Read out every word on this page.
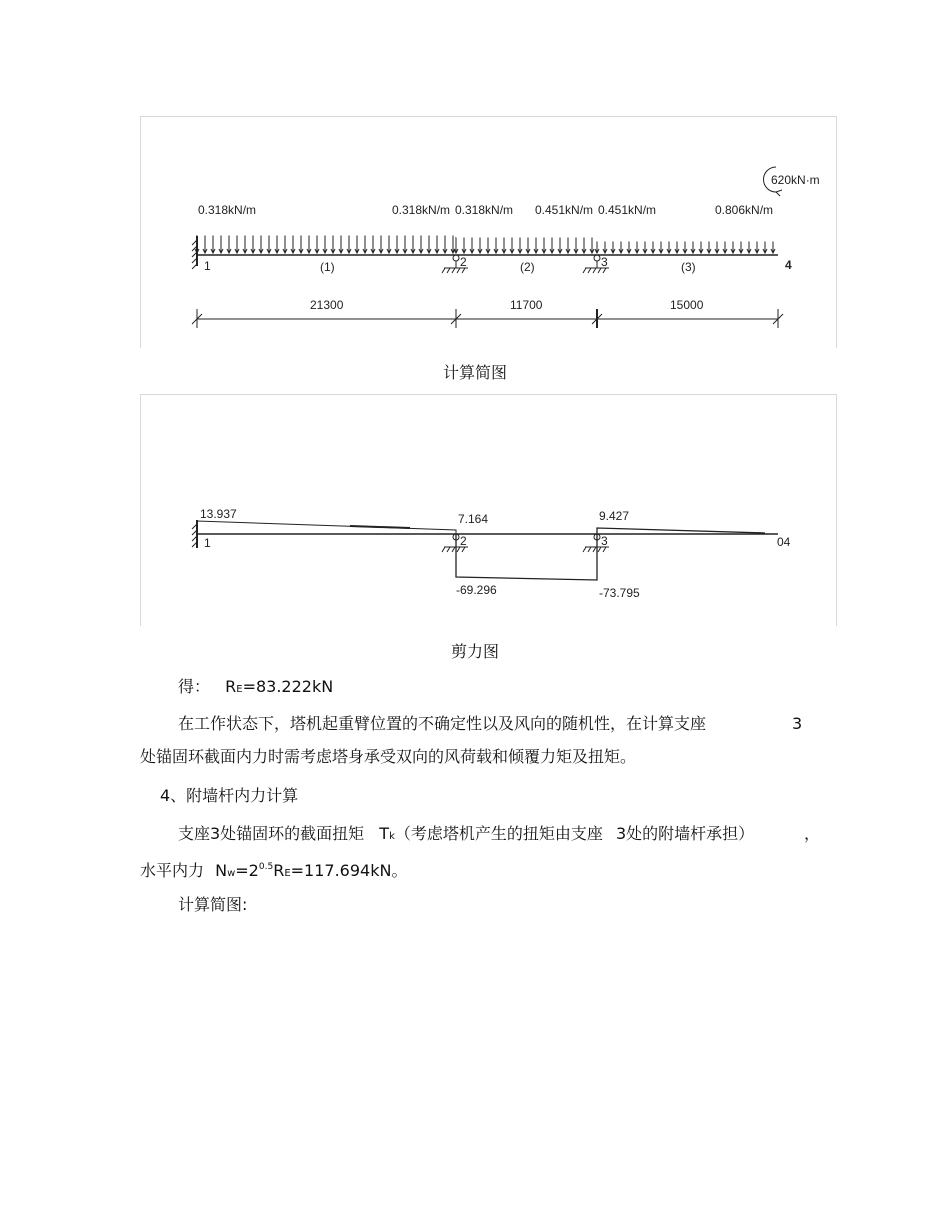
620kN·m
0.318kN/m	0.318kN/m 0.318kN/m 0.451kN/m 0.451kN/m	0.806kN/m
1	2	3	4
(1)	(2)	(3)
21300	11700	15000
计算简图
13.937	7.164	9.427
-69.296	-73.795
1	2	3	04
剪力图
得： RE=83.222kN
在工作状态下，塔机起重臂位置的不确定性以及风向的随机性，在计算支座	3
处锚固环截面内力时需考虑塔身承受双向的风荷载和倾覆力矩及扭矩。
4、附墙杆内力计算
支座3处锚固环的截面扭矩 Tk（考虑塔机产生的扭矩由支座 3处的附墙杆承担）	，
水平内力 $Nw=2^{0.5}RE=117.694kN$。
计算简图:
